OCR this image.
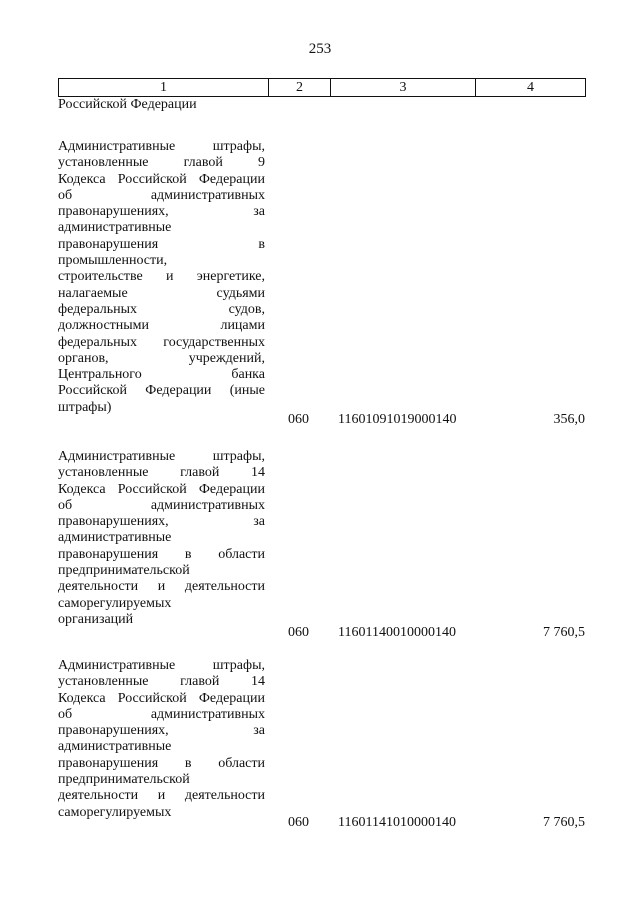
253
1	2	3	4
Российской Федерации
Административные штрафы,
установленные главой 9
Кодекса Российской Федерации
об административных
правонарушениях, за
административные
правонарушения в
промышленности,
строительстве и энергетике,
налагаемые судьями
федеральных судов,
должностными лицами
федеральных государственных
органов, учреждений,
Центрального банка
Российской Федерации (иные
штрафы)
060	11601091019000140	356,0
Административные штрафы,
установленные главой 14
Кодекса Российской Федерации
об административных
правонарушениях, за
административные
правонарушения в области
предпринимательской
деятельности и деятельности
саморегулируемых
организаций
060	11601140010000140	7 760,5
Административные штрафы,
установленные главой 14
Кодекса Российской Федерации
об административных
правонарушениях, за
административные
правонарушения в области
предпринимательской
деятельности и деятельности
саморегулируемых
060	11601141010000140	7 760,5
